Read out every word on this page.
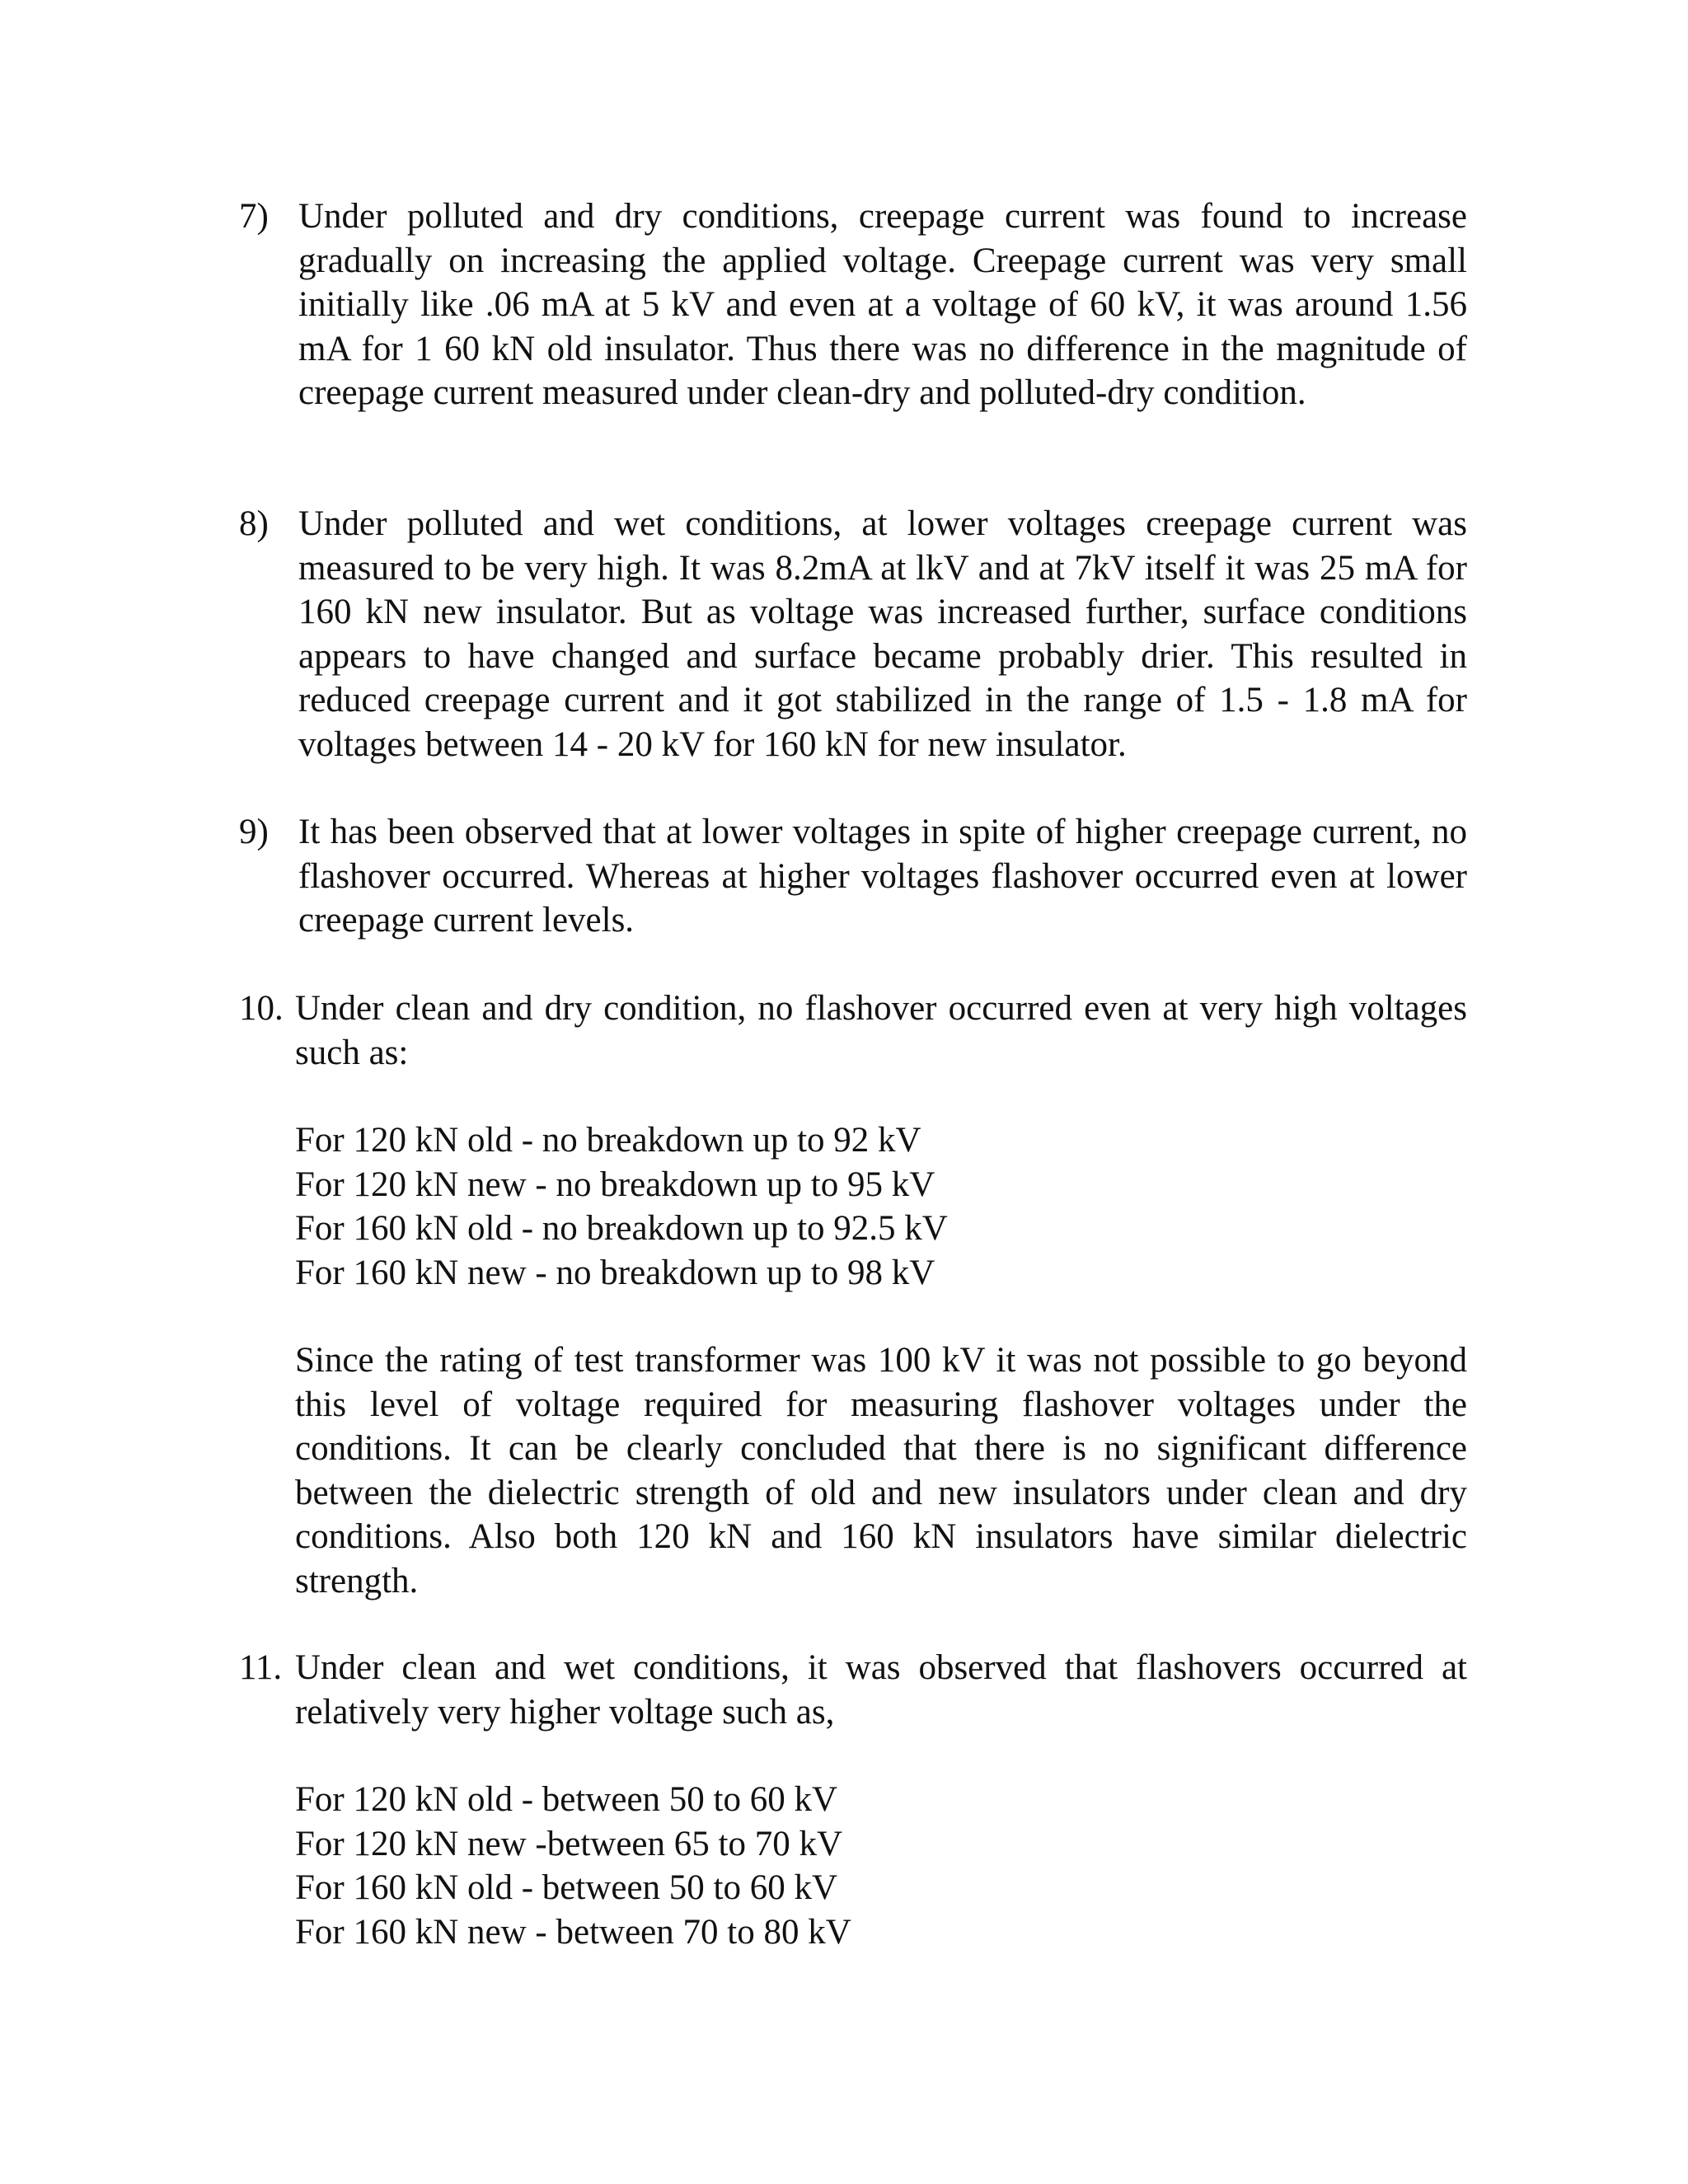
7) Under polluted and dry conditions, creepage current was found to increase gradually on increasing the applied voltage. Creepage current was very small initially like .06 mA at 5 kV and even at a voltage of 60 kV, it was around 1.56 mA for 1 60 kN old insulator. Thus there was no difference in the magnitude of creepage current measured under clean-dry and polluted-dry condition.
8) Under polluted and wet conditions, at lower voltages creepage current was measured to be very high. It was 8.2mA at lkV and at 7kV itself it was 25 mA for 160 kN new insulator. But as voltage was increased further, surface conditions appears to have changed and surface became probably drier. This resulted in reduced creepage current and it got stabilized in the range of 1.5 - 1.8 mA for voltages between 14 - 20 kV for 160 kN for new insulator.
9) It has been observed that at lower voltages in spite of higher creepage current, no flashover occurred. Whereas at higher voltages flashover occurred even at lower creepage current levels.
10. Under clean and dry condition, no flashover occurred even at very high voltages such as:
For 120 kN old - no breakdown up to 92 kV
For 120 kN new - no breakdown up to 95 kV
For 160 kN old - no breakdown up to 92.5 kV
For 160 kN new - no breakdown up to 98 kV
Since the rating of test transformer was 100 kV it was not possible to go beyond this level of voltage required for measuring flashover voltages under the conditions. It can be clearly concluded that there is no significant difference between the dielectric strength of old and new insulators under clean and dry conditions. Also both 120 kN and 160 kN insulators have similar dielectric strength.
11. Under clean and wet conditions, it was observed that flashovers occurred at relatively very higher voltage such as,
For 120 kN old - between 50 to 60 kV
For 120 kN new -between 65 to 70 kV
For 160 kN old - between 50 to 60 kV
For 160 kN new - between 70 to 80 kV
